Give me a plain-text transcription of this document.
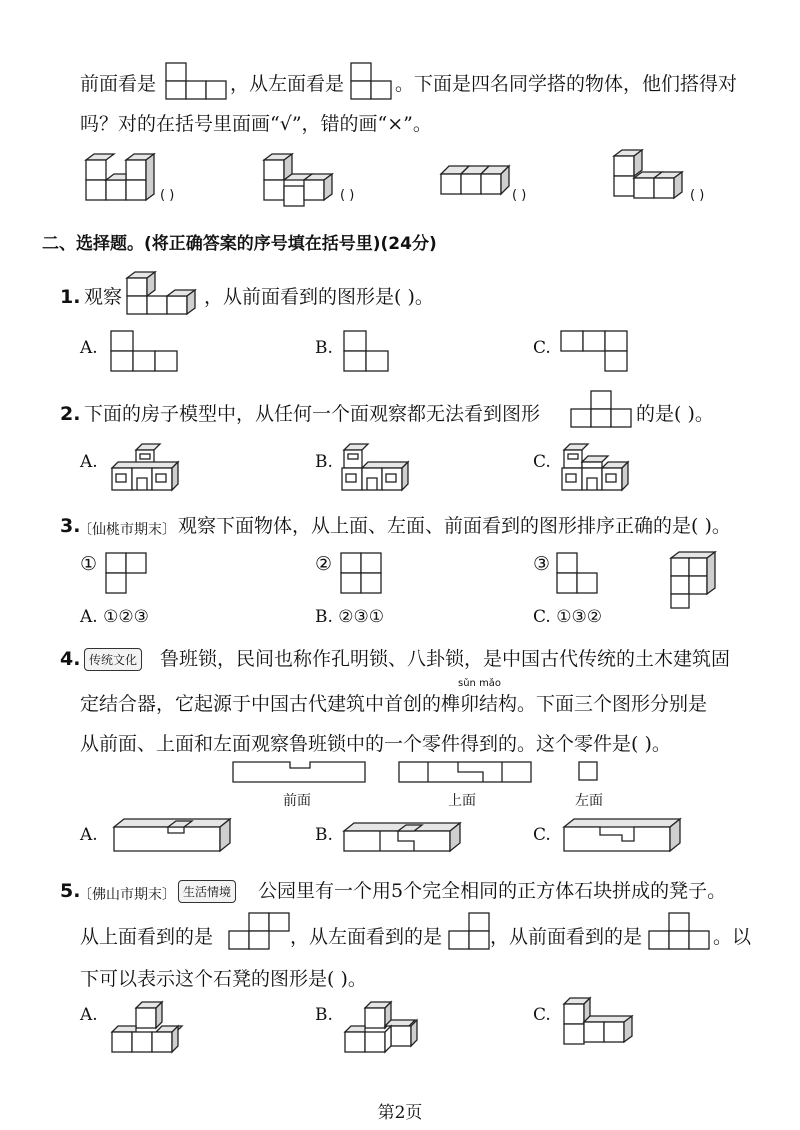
前面看是	，从左面看是	。下面是四名同学搭的物体，他们搭得对
吗？对的在括号里面画“√”，错的画“×”。
( )	( )	( )	( )
二、选择题。(将正确答案的序号填在括号里)(24分)
1. 观察	，从前面看到的图形是( )。
A.	B.	C.
2. 下面的房子模型中，从任何一个面观察都无法看到图形	的是( )。
A.	B.	C.
3.
〔仙桃市期末〕 观察下面物体，从上面、左面、前面看到的图形排序正确的是( )。
①	②	③
A. ①②③	B. ②③①	C. ①③②
4. 传统文化 鲁班锁，民间也称作孔明锁、八卦锁，是中国古代传统的土木建筑固
sǔn mǎo
定结合器，它起源于中国古代建筑中首创的榫卯结构。下面三个图形分别是
从前面、上面和左面观察鲁班锁中的一个零件得到的。这个零件是( )。
前面	上面	左面
A.	B.	C.
5.
〔佛山市期末〕 生活情境 公园里有一个用5个完全相同的正方体石块拼成的凳子。
从上面看到的是	，从左面看到的是	，从前面看到的是	。以
下可以表示这个石凳的图形是( )。
A.	B.	C.
第2页
